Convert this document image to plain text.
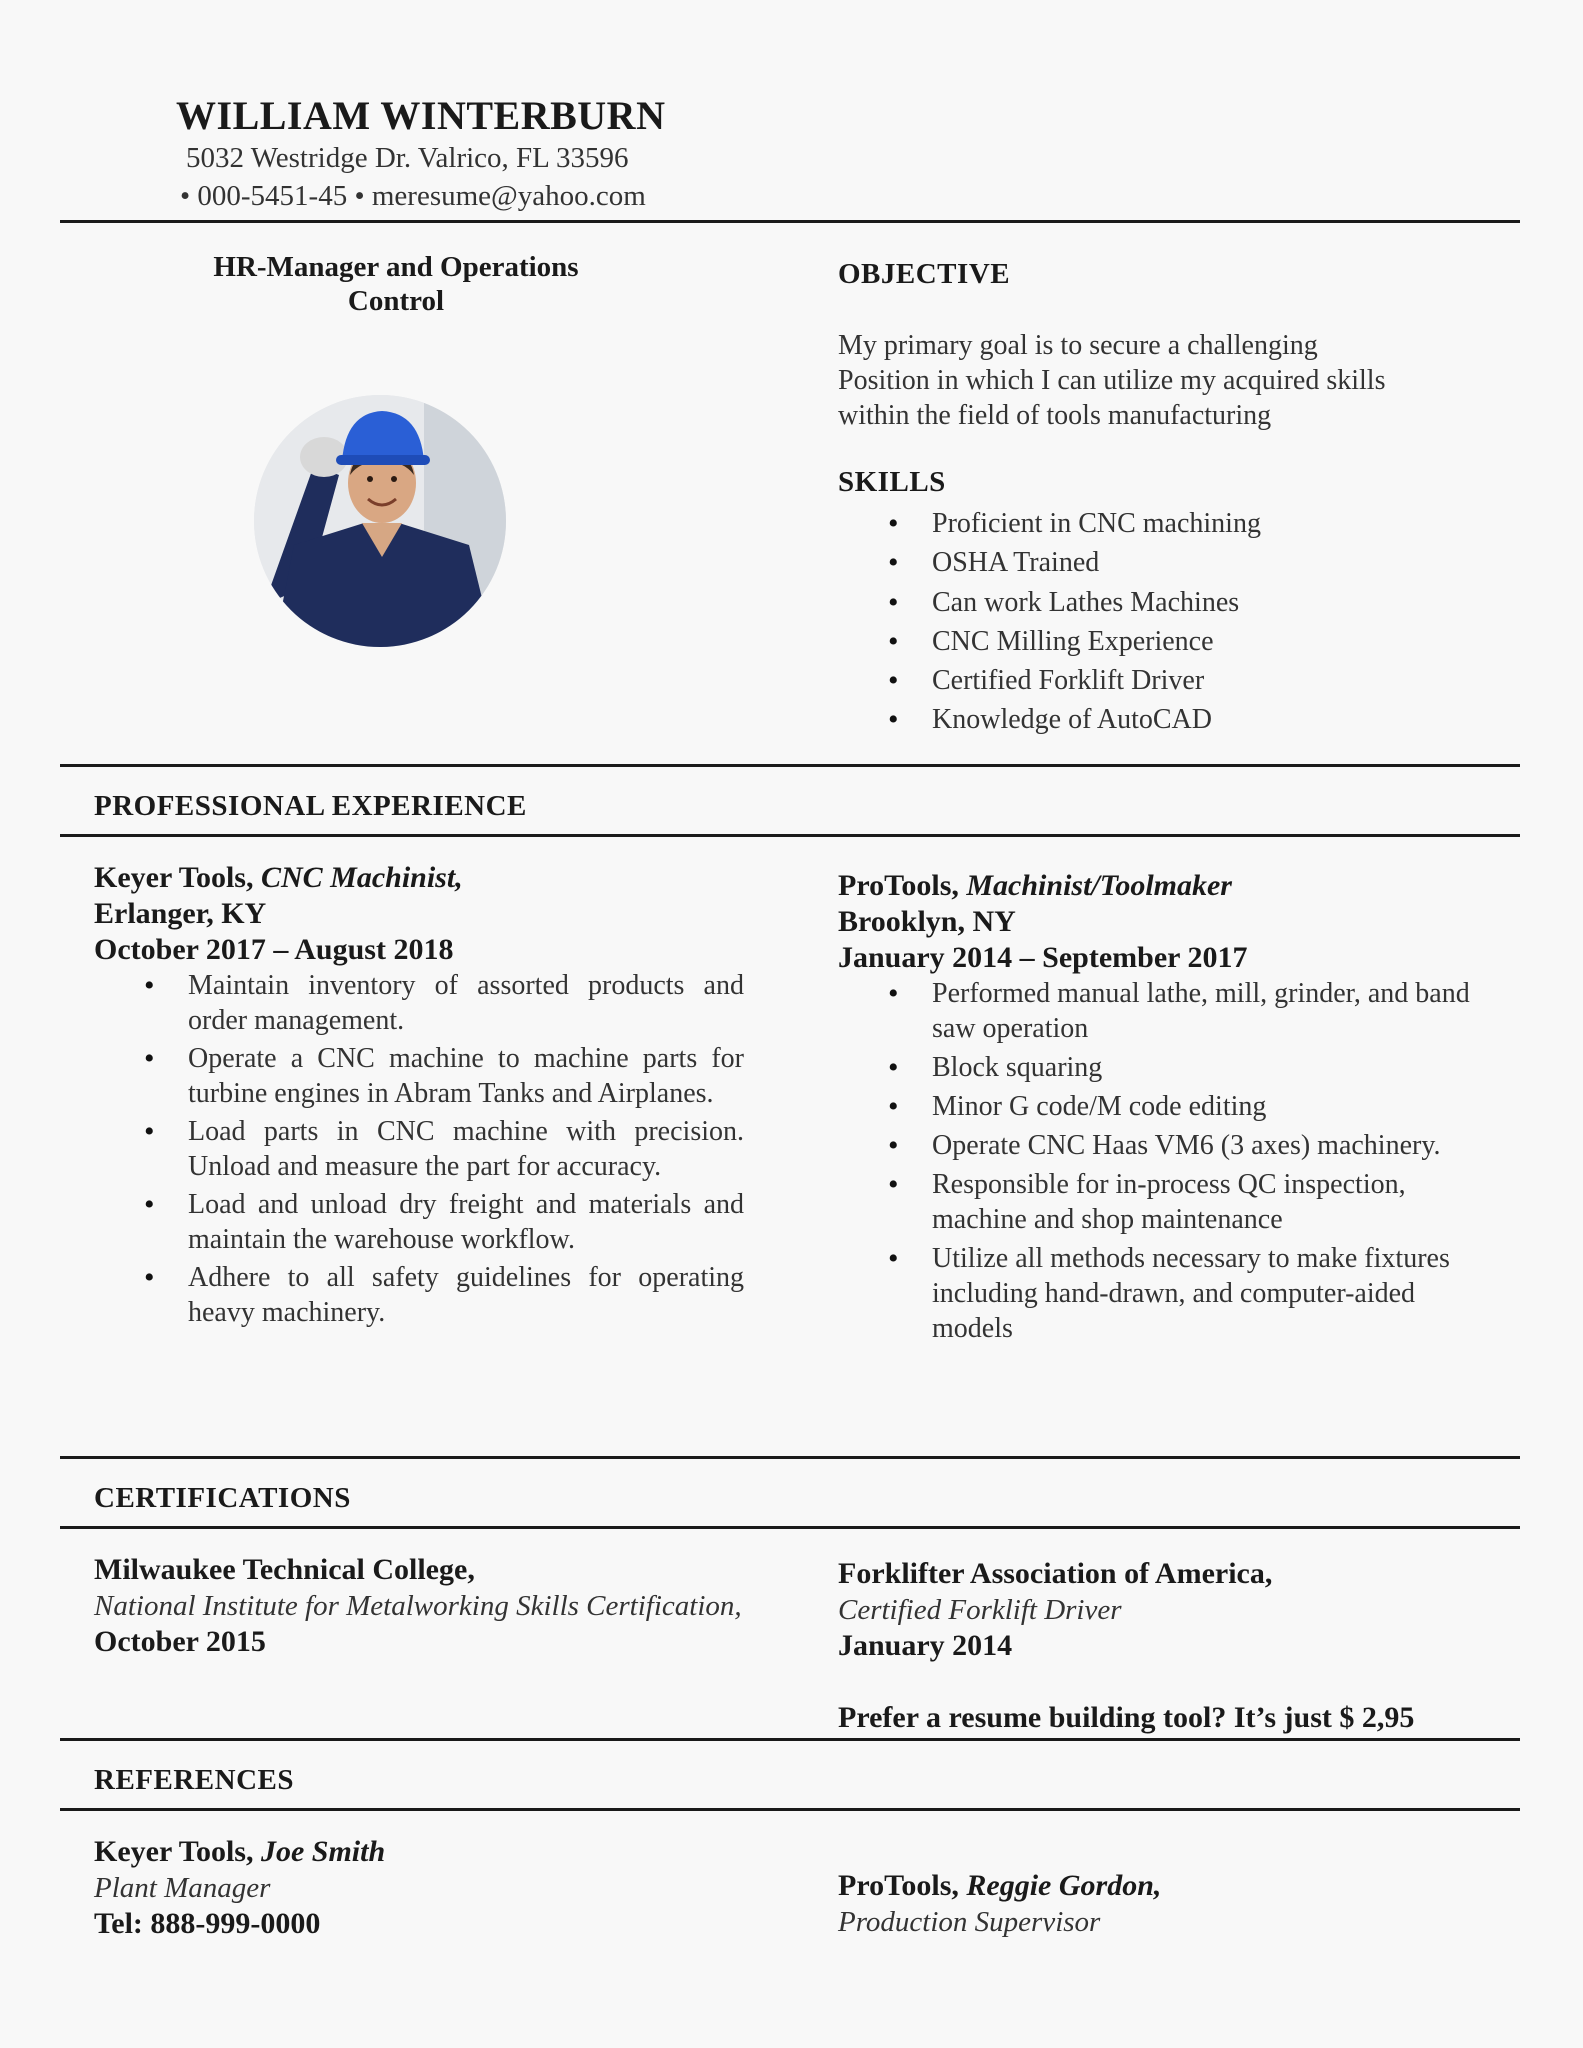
WILLIAM WINTERBURN
5032 Westridge Dr. Valrico, FL 33596
• 000-5451-45 • meresume@yahoo.com
HR-Manager and Operations Control
OBJECTIVE
My primary goal is to secure a challenging Position in which I can utilize my acquired skills within the field of tools manufacturing
SKILLS
• Proficient in CNC machining
• OSHA Trained
• Can work Lathes Machines
• CNC Milling Experience
• Certified Forklift Driver
• Knowledge of AutoCAD
PROFESSIONAL EXPERIENCE
Keyer Tools, CNC Machinist,
Erlanger, KY
October 2017 – August 2018
• Maintain inventory of assorted products and order management.
• Operate a CNC machine to machine parts for turbine engines in Abram Tanks and Airplanes.
• Load parts in CNC machine with precision. Unload and measure the part for accuracy.
• Load and unload dry freight and materials and maintain the warehouse workflow.
• Adhere to all safety guidelines for operating heavy machinery.
ProTools, Machinist/Toolmaker
Brooklyn, NY
January 2014 – September 2017
• Performed manual lathe, mill, grinder, and band saw operation
• Block squaring
• Minor G code/M code editing
• Operate CNC Haas VM6 (3 axes) machinery.
• Responsible for in-process QC inspection, machine and shop maintenance
• Utilize all methods necessary to make fixtures including hand-drawn, and computer-aided models
CERTIFICATIONS
Milwaukee Technical College,
National Institute for Metalworking Skills Certification,
October 2015
Forklifter Association of America,
Certified Forklift Driver
January 2014
Prefer a resume building tool? It’s just $ 2,95
REFERENCES
Keyer Tools, Joe Smith
Plant Manager
Tel: 888-999-0000
ProTools, Reggie Gordon,
Production Supervisor
